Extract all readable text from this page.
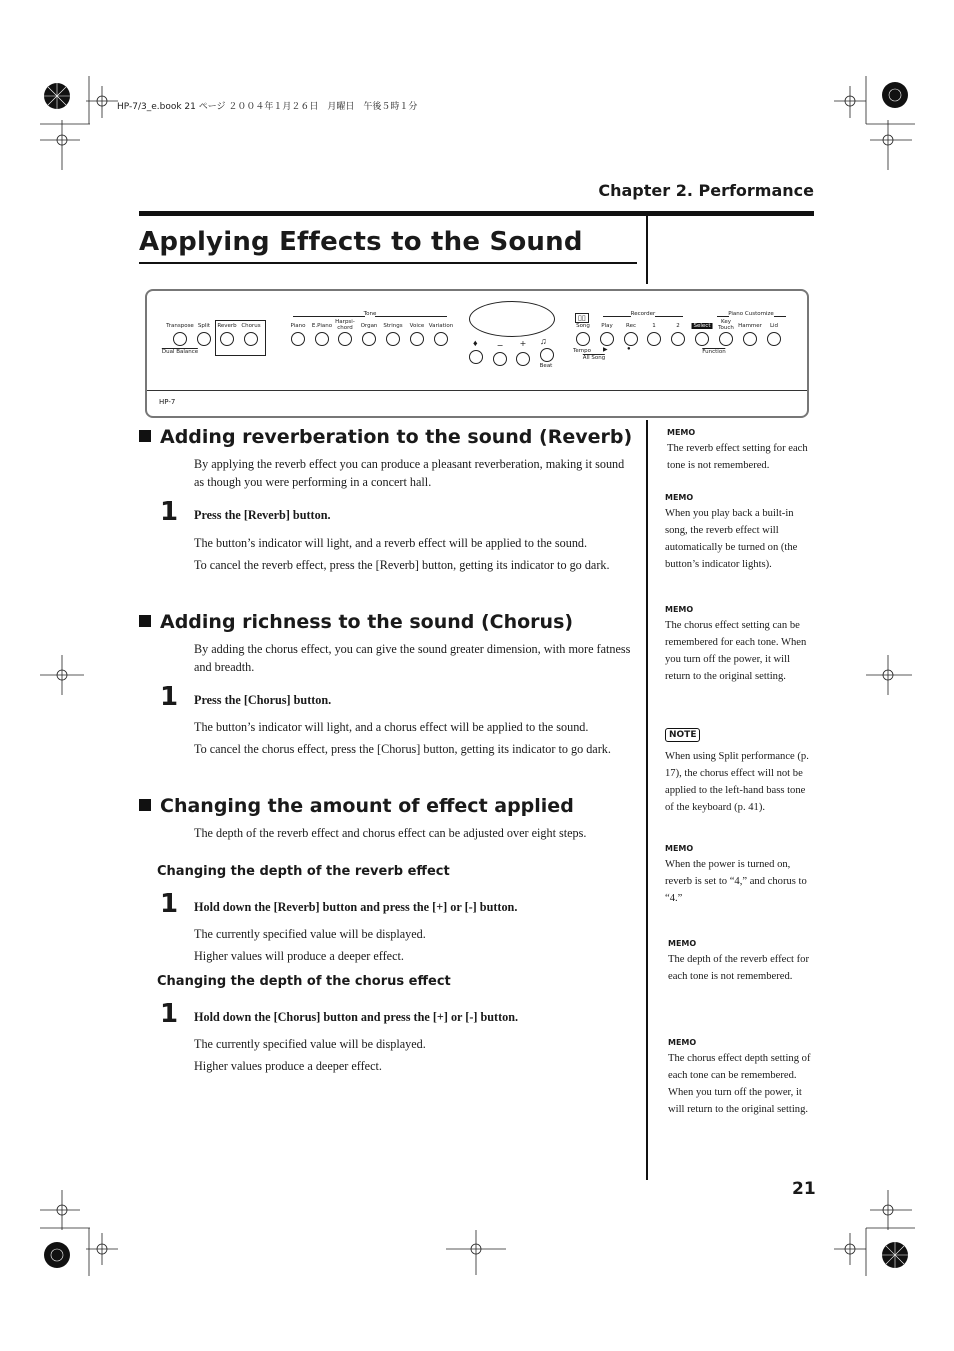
HP-7/3_e.book 21 ページ ２００４年１月２６日　月曜日　午後５時１分
Chapter 2. Performance
Applying Effects to the Sound
Tone	Recorder	Piano Customize
Transpose Split Reverb Chorus	Piano E.Piano
Harpsi-chord	Organ Strings Voice Variation	Song Play Rec	1	2	Select
Key Touch Hammer Lid
Dual Balance
♦ − + ♫
Beat
▯▯
Tempo ▶	●
All Song
Function
HP-7
Adding reverberation to the sound (Reverb)
By applying the reverb effect you can produce a pleasant reverberation, making it sound as though you were performing in a concert hall.
1 Press the [Reverb] button.
The button’s indicator will light, and a reverb effect will be applied to the sound.
To cancel the reverb effect, press the [Reverb] button, getting its indicator to go dark.
Adding richness to the sound (Chorus)
By adding the chorus effect, you can give the sound greater dimension, with more fatness and breadth.
1 Press the [Chorus] button.
The button’s indicator will light, and a chorus effect will be applied to the sound.
To cancel the chorus effect, press the [Chorus] button, getting its indicator to go dark.
Changing the amount of effect applied
The depth of the reverb effect and chorus effect can be adjusted over eight steps.
Changing the depth of the reverb effect
1 Hold down the [Reverb] button and press the [+] or [-] button.
The currently specified value will be displayed.
Higher values will produce a deeper effect.
Changing the depth of the chorus effect
1 Hold down the [Chorus] button and press the [+] or [-] button.
The currently specified value will be displayed.
Higher values produce a deeper effect.
MEMO
The reverb effect setting for each tone is not remembered.
MEMO
When you play back a built-in song, the reverb effect will automatically be turned on (the button’s indicator lights).
MEMO
The chorus effect setting can be remembered for each tone. When you turn off the power, it will return to the original setting.
NOTE
When using Split performance (p. 17), the chorus effect will not be applied to the left-hand bass tone of the keyboard (p. 41).
MEMO
When the power is turned on, reverb is set to “4,” and chorus to “4.”
MEMO
The depth of the reverb effect for each tone is not remembered.
MEMO
The chorus effect depth setting of each tone can be remembered. When you turn off the power, it will return to the original setting.
21
